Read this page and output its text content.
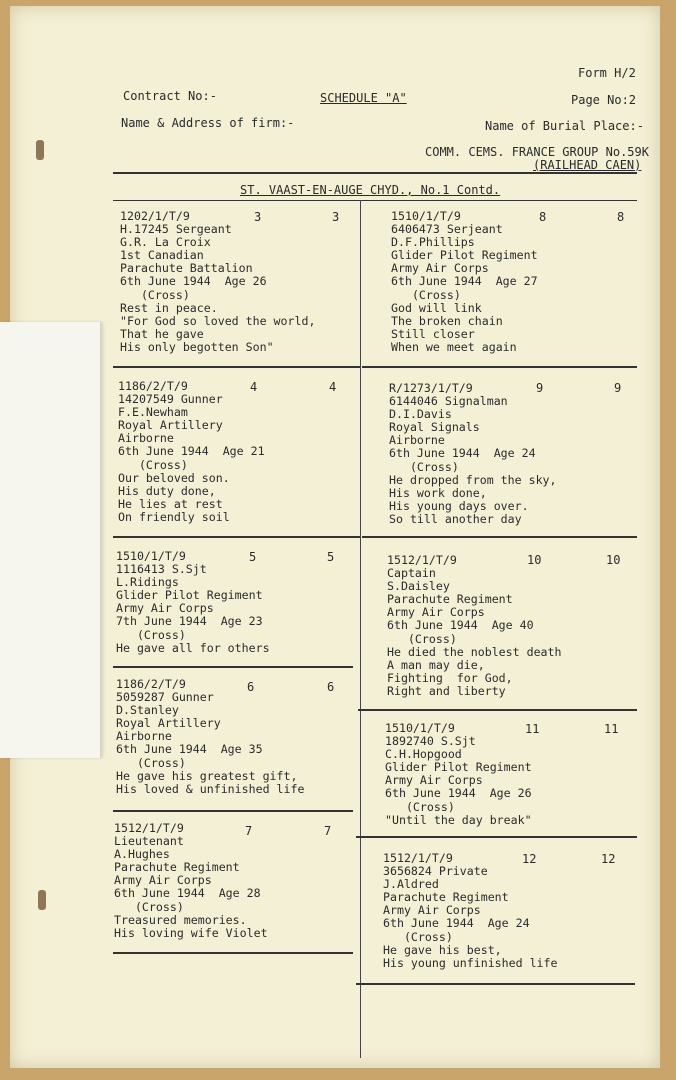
Form H/2
Contract No:-	SCHEDULE "A"	Page No:2
Name & Address of firm:-	Name of Burial Place:-
COMM. CEMS. FRANCE GROUP No.59K
(RAILHEAD CAEN)
ST. VAAST-EN-AUGE CHYD., No.1 Contd.
1202/1/T/9
H.17245 Sergeant
G.R. La Croix
1st Canadian
Parachute Battalion
6th June 1944  Age 26
(Cross)
Rest in peace.
"For God so loved the world,
That he gave
His only begotten Son"
3	3	1510/1/T/9
6406473 Serjeant
D.F.Phillips
Glider Pilot Regiment
Army Air Corps
6th June 1944  Age 27
(Cross)
God will link
The broken chain
Still closer
When we meet again
8	8
1186/2/T/9
14207549 Gunner
F.E.Newham
Royal Artillery
Airborne
6th June 1944  Age 21
(Cross)
Our beloved son.
His duty done,
He lies at rest
On friendly soil
4	4	R/1273/1/T/9
6144046 Signalman
D.I.Davis
Royal Signals
Airborne
6th June 1944  Age 24
(Cross)
He dropped from the sky,
His work done,
His young days over.
So till another day
9	9
1510/1/T/9
1116413 S.Sjt
L.Ridings
Glider Pilot Regiment
Army Air Corps
7th June 1944  Age 23
(Cross)
He gave all for others
5	5	1512/1/T/9
Captain
S.Daisley
Parachute Regiment
Army Air Corps
6th June 1944  Age 40
(Cross)
He died the noblest death
A man may die,
Fighting  for God,
Right and liberty
10	10
1186/2/T/9
5059287 Gunner
D.Stanley
Royal Artillery
Airborne
6th June 1944  Age 35
(Cross)
He gave his greatest gift,
His loved & unfinished life
6	6
1510/1/T/9
1892740 S.Sjt
C.H.Hopgood
Glider Pilot Regiment
Army Air Corps
6th June 1944  Age 26
(Cross)
"Until the day break"
11	11
1512/1/T/9
Lieutenant
A.Hughes
Parachute Regiment
Army Air Corps
6th June 1944  Age 28
(Cross)
Treasured memories.
His loving wife Violet
7	7
1512/1/T/9
3656824 Private
J.Aldred
Parachute Regiment
Army Air Corps
6th June 1944  Age 24
(Cross)
He gave his best,
His young unfinished life
12	12
